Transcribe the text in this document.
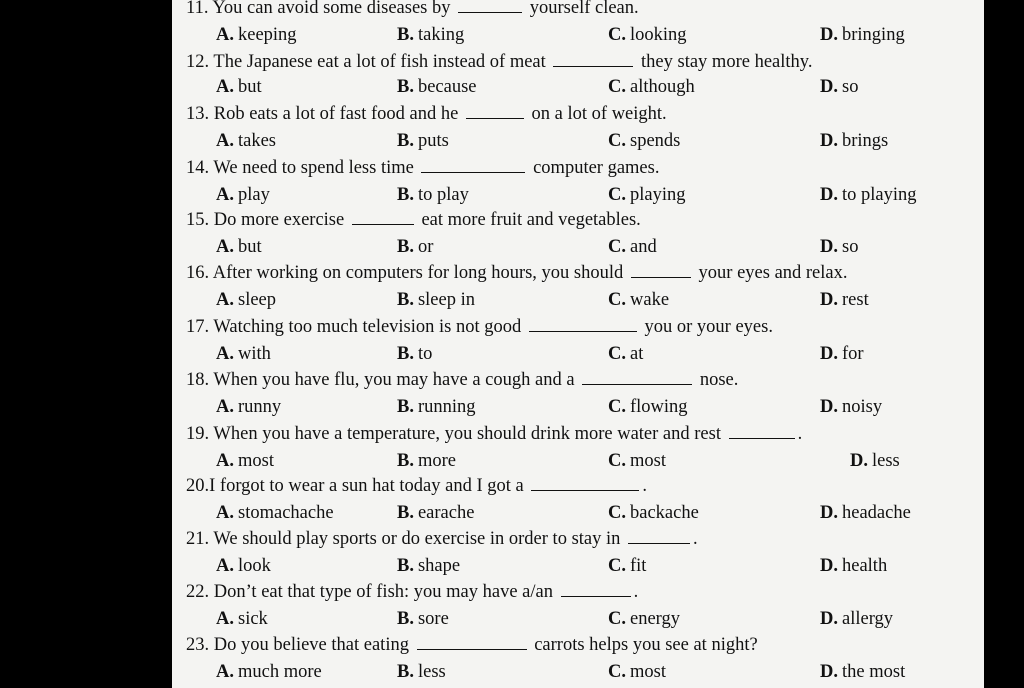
11. You can avoid some diseases by	yourself clean.
A. keeping	B. taking	C. looking	D. bringing
12. The Japanese eat a lot of fish instead of meat	they stay more healthy.
A. but	B. because	C. although	D. so
13. Rob eats a lot of fast food and he	on a lot of weight.
A. takes	B. puts	C. spends	D. brings
14. We need to spend less time	computer games.
A. play	B. to play	C. playing	D. to playing
15. Do more exercise	eat more fruit and vegetables.
A. but	B. or	C. and	D. so
16. After working on computers for long hours, you should	your eyes and relax.
A. sleep	B. sleep in	C. wake	D. rest
17. Watching too much television is not good	you or your eyes.
A. with	B. to	C. at	D. for
18. When you have flu, you may have a cough and a	nose.
A. runny	B. running	C. flowing	D. noisy
19. When you have a temperature, you should drink more water and rest	.
A. most	B. more	C. most	D. less
20.I forgot to wear a sun hat today and I got a	.
A. stomachache	B. earache	C. backache	D. headache
21. We should play sports or do exercise in order to stay in	.
A. look	B. shape	C. fit	D. health
22. Don’t eat that type of fish: you may have a/an	.
A. sick	B. sore	C. energy	D. allergy
23. Do you believe that eating	carrots helps you see at night?
A. much more	B. less	C. most	D. the most
